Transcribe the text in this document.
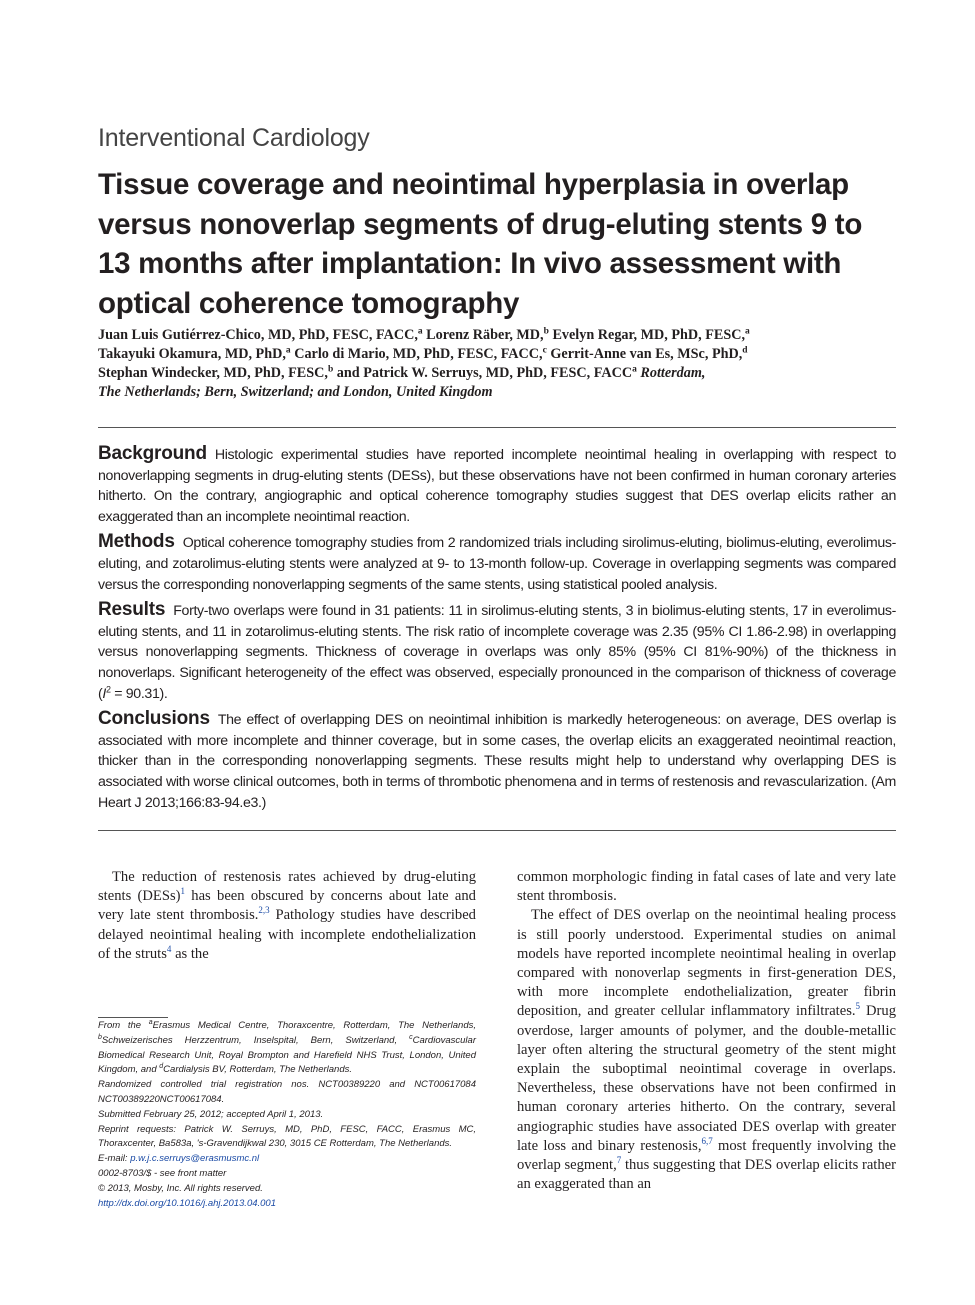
Interventional Cardiology
Tissue coverage and neointimal hyperplasia in overlap versus nonoverlap segments of drug-eluting stents 9 to 13 months after implantation: In vivo assessment with optical coherence tomography
Juan Luis Gutiérrez-Chico, MD, PhD, FESC, FACC,$^a$ Lorenz Räber, MD,$^b$ Evelyn Regar, MD, PhD, FESC,$^a$
Takayuki Okamura, MD, PhD,$^a$ Carlo di Mario, MD, PhD, FESC, FACC,$^c$ Gerrit-Anne van Es, MSc, PhD,$^d$
Stephan Windecker, MD, PhD, FESC,$^b$ and Patrick W. Serruys, MD, PhD, FESC, FACC$^a$ Rotterdam,
The Netherlands; Bern, Switzerland; and London, United Kingdom

Background Histologic experimental studies have reported incomplete neointimal healing in overlapping with respect to nonoverlapping segments in drug-eluting stents (DESs), but these observations have not been confirmed in human coronary arteries hitherto. On the contrary, angiographic and optical coherence tomography studies suggest that DES overlap elicits rather an exaggerated than an incomplete neointimal reaction.

Methods Optical coherence tomography studies from 2 randomized trials including sirolimus-eluting, biolimus-eluting, everolimus-eluting, and zotarolimus-eluting stents were analyzed at 9- to 13-month follow-up. Coverage in overlapping segments was compared versus the corresponding nonoverlapping segments of the same stents, using statistical pooled analysis.

Results Forty-two overlaps were found in 31 patients: 11 in sirolimus-eluting stents, 3 in biolimus-eluting stents, 17 in everolimus-eluting stents, and 11 in zotarolimus-eluting stents. The risk ratio of incomplete coverage was 2.35 (95% CI 1.86-2.98) in overlapping versus nonoverlapping segments. Thickness of coverage in overlaps was only 85% (95% CI 81%-90%) of the thickness in nonoverlaps. Significant heterogeneity of the effect was observed, especially pronounced in the comparison of thickness of coverage $(I^2 = 90.31)$.

Conclusions The effect of overlapping DES on neointimal inhibition is markedly heterogeneous: on average, DES overlap is associated with more incomplete and thinner coverage, but in some cases, the overlap elicits an exaggerated neointimal reaction, thicker than in the corresponding nonoverlapping segments. These results might help to understand why overlapping DES is associated with worse clinical outcomes, both in terms of thrombotic phenomena and in terms of restenosis and revascularization. (Am Heart J 2013;166:83-94.e3.)

The reduction of restenosis rates achieved by drug-eluting stents (DESs)$^1$ has been obscured by concerns about late and very late stent thrombosis.$^{2,3}$ Pathology studies have described delayed neointimal healing with incomplete endothelialization of the struts$^4$ as the

From the $^a$Erasmus Medical Centre, Thoraxcentre, Rotterdam, The Netherlands, $^b$Schweizerisches Herzzentrum, Inselspital, Bern, Switzerland, $^c$Cardiovascular Biomedical Research Unit, Royal Brompton and Harefield NHS Trust, London, United Kingdom, and $^d$Cardialysis BV, Rotterdam, The Netherlands.
Randomized controlled trial registration nos. NCT00389220 and NCT00617084 NCT00389220NCT00617084.
Submitted February 25, 2012; accepted April 1, 2013.
Reprint requests: Patrick W. Serruys, MD, PhD, FESC, FACC, Erasmus MC, Thoraxcenter, Ba583a, 's-Gravendijkwal 230, 3015 CE Rotterdam, The Netherlands.
E-mail: p.w.j.c.serruys@erasmusmc.nl
0002-8703/$ - see front matter
© 2013, Mosby, Inc. All rights reserved.
http://dx.doi.org/10.1016/j.ahj.2013.04.001

common morphologic finding in fatal cases of late and very late stent thrombosis.

The effect of DES overlap on the neointimal healing process is still poorly understood. Experimental studies on animal models have reported incomplete neointimal healing in overlap compared with nonoverlap segments in first-generation DES, with more incomplete endothelialization, greater fibrin deposition, and greater cellular inflammatory infiltrates.$^5$ Drug overdose, larger amounts of polymer, and the double-metallic layer often altering the structural geometry of the stent might explain the suboptimal neointimal coverage in overlaps. Nevertheless, these observations have not been confirmed in human coronary arteries hitherto. On the contrary, several angiographic studies have associated DES overlap with greater late loss and binary restenosis,$^{6,7}$ most frequently involving the overlap segment,$^7$ thus suggesting that DES overlap elicits rather an exaggerated than an
